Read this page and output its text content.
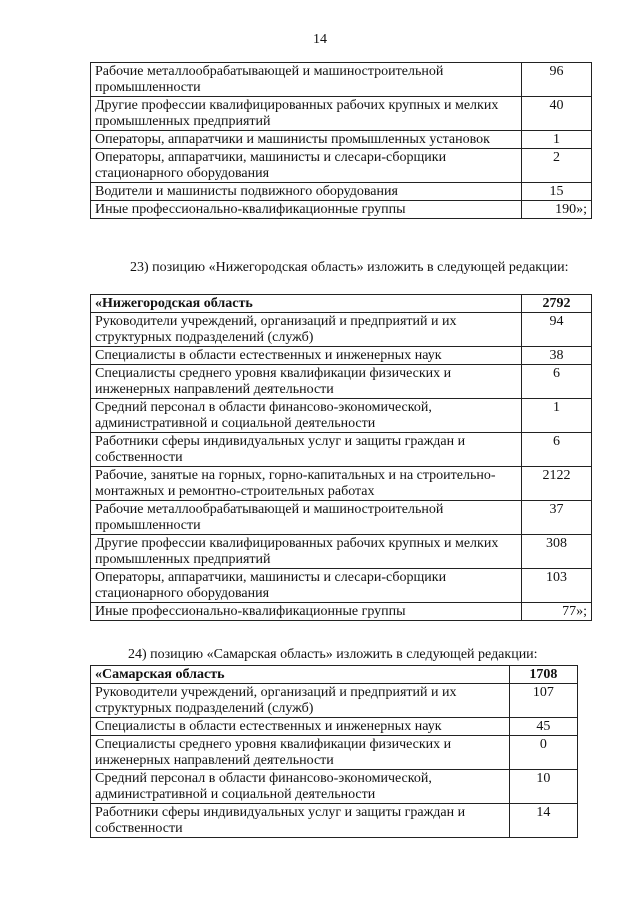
14
Рабочие металлообрабатывающей и машиностроительной промышленности	96
Другие профессии квалифицированных рабочих крупных и мелких промышленных предприятий	40
Операторы, аппаратчики и машинисты промышленных установок	1
Операторы, аппаратчики, машинисты и слесари-сборщики стационарного оборудования	2
Водители и машинисты подвижного оборудования	15
Иные профессионально-квалификационные группы	190»;
23) позицию «Нижегородская область» изложить в следующей редакции:
«Нижегородская область	2792
Руководители учреждений, организаций и предприятий и их структурных подразделений (служб)	94
Специалисты в области естественных и инженерных наук	38
Специалисты среднего уровня квалификации физических и инженерных направлений деятельности	6
Средний персонал в области финансово-экономической, административной и социальной деятельности	1
Работники сферы индивидуальных услуг и защиты граждан и собственности	6
Рабочие, занятые на горных, горно-капитальных и на строительно-монтажных и ремонтно-строительных работах	2122
Рабочие металлообрабатывающей и машиностроительной промышленности	37
Другие профессии квалифицированных рабочих крупных и мелких промышленных предприятий	308
Операторы, аппаратчики, машинисты и слесари-сборщики стационарного оборудования	103
Иные профессионально-квалификационные группы	77»;
24) позицию «Самарская область» изложить в следующей редакции:
«Самарская область	1708
Руководители учреждений, организаций и предприятий и их структурных подразделений (служб)	107
Специалисты в области естественных и инженерных наук	45
Специалисты среднего уровня квалификации физических и инженерных направлений деятельности	0
Средний персонал в области финансово-экономической, административной и социальной деятельности	10
Работники сферы индивидуальных услуг и защиты граждан и собственности	14
